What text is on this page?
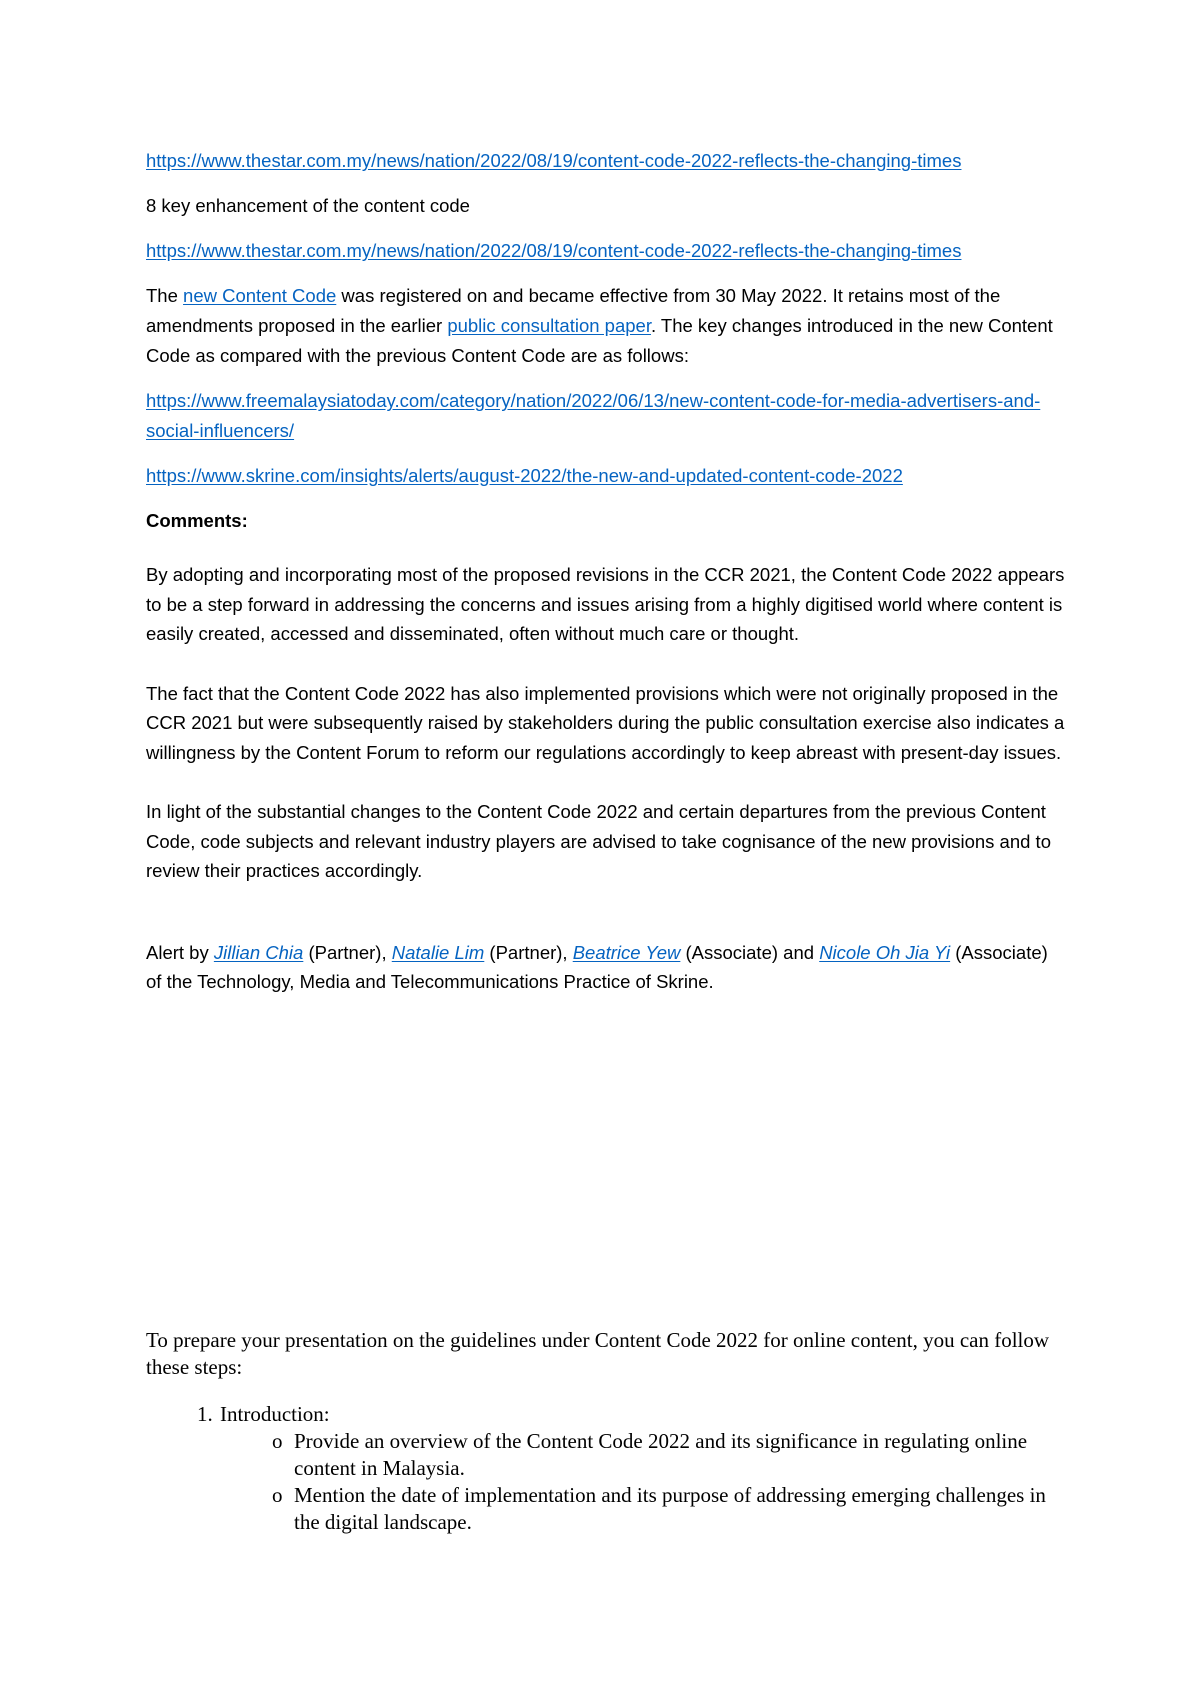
https://www.thestar.com.my/news/nation/2022/08/19/content-code-2022-reflects-the-changing-times

8 key enhancement of the content code

https://www.thestar.com.my/news/nation/2022/08/19/content-code-2022-reflects-the-changing-times

The new Content Code was registered on and became effective from 30 May 2022. It retains most of the amendments proposed in the earlier public consultation paper. The key changes introduced in the new Content Code as compared with the previous Content Code are as follows:

https://www.freemalaysiatoday.com/category/nation/2022/06/13/new-content-code-for-media-advertisers-and-social-influencers/

https://www.skrine.com/insights/alerts/august-2022/the-new-and-updated-content-code-2022

Comments:

By adopting and incorporating most of the proposed revisions in the CCR 2021, the Content Code 2022 appears to be a step forward in addressing the concerns and issues arising from a highly digitised world where content is easily created, accessed and disseminated, often without much care or thought.

The fact that the Content Code 2022 has also implemented provisions which were not originally proposed in the CCR 2021 but were subsequently raised by stakeholders during the public consultation exercise also indicates a willingness by the Content Forum to reform our regulations accordingly to keep abreast with present-day issues.

In light of the substantial changes to the Content Code 2022 and certain departures from the previous Content Code, code subjects and relevant industry players are advised to take cognisance of the new provisions and to review their practices accordingly.

Alert by Jillian Chia (Partner), Natalie Lim (Partner), Beatrice Yew (Associate) and Nicole Oh Jia Yi (Associate) of the Technology, Media and Telecommunications Practice of Skrine.

To prepare your presentation on the guidelines under Content Code 2022 for online content, you can follow these steps:

1. Introduction:
o Provide an overview of the Content Code 2022 and its significance in regulating online content in Malaysia.
o Mention the date of implementation and its purpose of addressing emerging challenges in the digital landscape.
